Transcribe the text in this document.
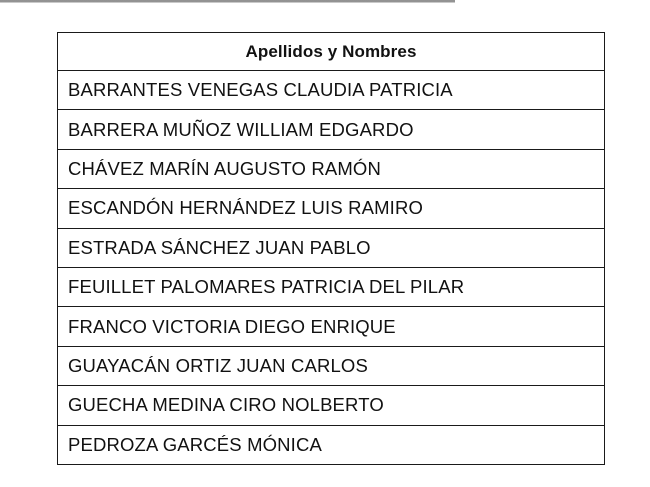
Apellidos y Nombres
BARRANTES VENEGAS CLAUDIA PATRICIA
BARRERA MUÑOZ WILLIAM EDGARDO
CHÁVEZ MARÍN AUGUSTO RAMÓN
ESCANDÓN HERNÁNDEZ LUIS RAMIRO
ESTRADA SÁNCHEZ JUAN PABLO
FEUILLET PALOMARES PATRICIA DEL PILAR
FRANCO VICTORIA DIEGO ENRIQUE
GUAYACÁN ORTIZ JUAN CARLOS
GUECHA MEDINA CIRO NOLBERTO
PEDROZA GARCÉS MÓNICA
